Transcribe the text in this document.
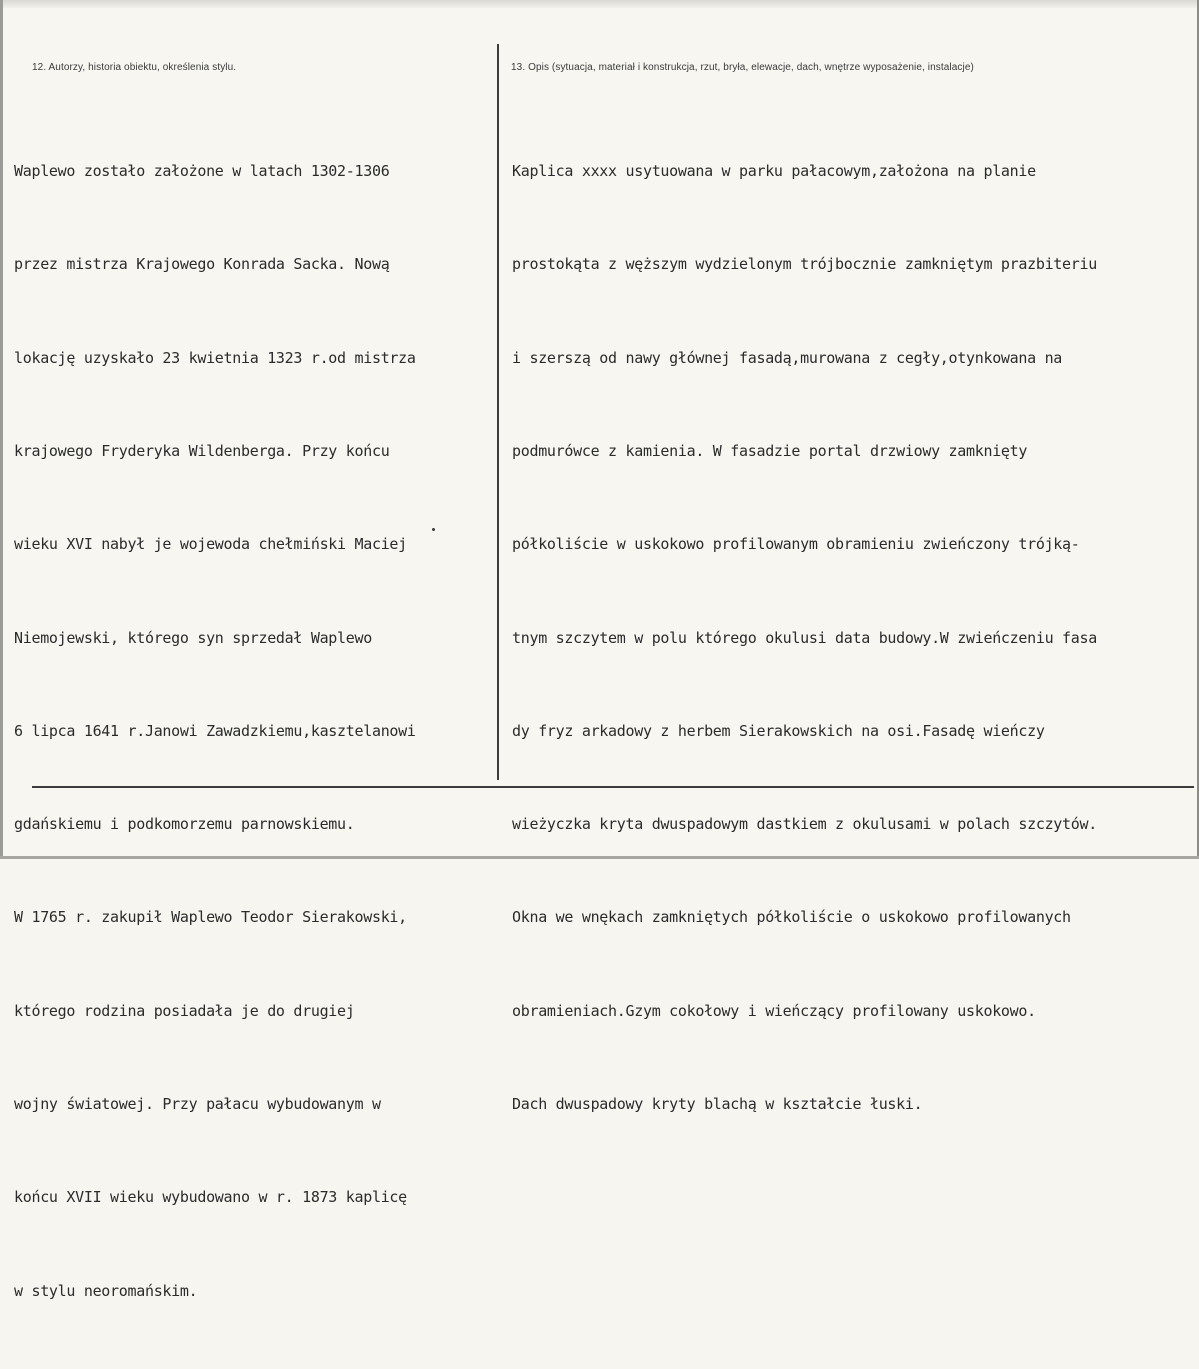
12. Autorzy, historia obiektu, określenia stylu.	13. Opis (sytuacja, materiał i konstrukcja, rzut, bryła, elewacje, dach, wnętrze wyposażenie, instalacje)

Waplewo zostało założone w latach 1302-1306

przez mistrza Krajowego Konrada Sacka. Nową

lokację uzyskało 23 kwietnia 1323 r.od mistrza

krajowego Fryderyka Wildenberga. Przy końcu

wieku XVI nabył je wojewoda chełmiński Maciej

Niemojewski, którego syn sprzedał Waplewo

6 lipca 1641 r.Janowi Zawadzkiemu,kasztelanowi

gdańskiemu i podkomorzemu parnowskiemu.

W 1765 r. zakupił Waplewo Teodor Sierakowski,

którego rodzina posiadała je do drugiej

wojny światowej. Przy pałacu wybudowanym w

końcu XVII wieku wybudowano w r. 1873 kaplicę

w stylu neoromańskim.

Kaplica xxxx usytuowana w parku pałacowym,założona na planie

prostokąta z węższym wydzielonym trójbocznie zamkniętym prazbiteriu

i szerszą od nawy głównej fasadą,murowana z cegły,otynkowana na

podmurówce z kamienia. W fasadzie portal drzwiowy zamknięty

półkoliście w uskokowo profilowanym obramieniu zwieńczony trójką-

tnym szczytem w polu którego okulusi data budowy.W zwieńczeniu fasa

dy fryz arkadowy z herbem Sierakowskich na osi.Fasadę wieńczy

wieżyczka kryta dwuspadowym dastkiem z okulusami w polach szczytów.

Okna we wnękach zamkniętych półkoliście o uskokowo profilowanych

obramieniach.Gzym cokołowy i wieńczący profilowany uskokowo.

Dach dwuspadowy kryty blachą w kształcie łuski.
